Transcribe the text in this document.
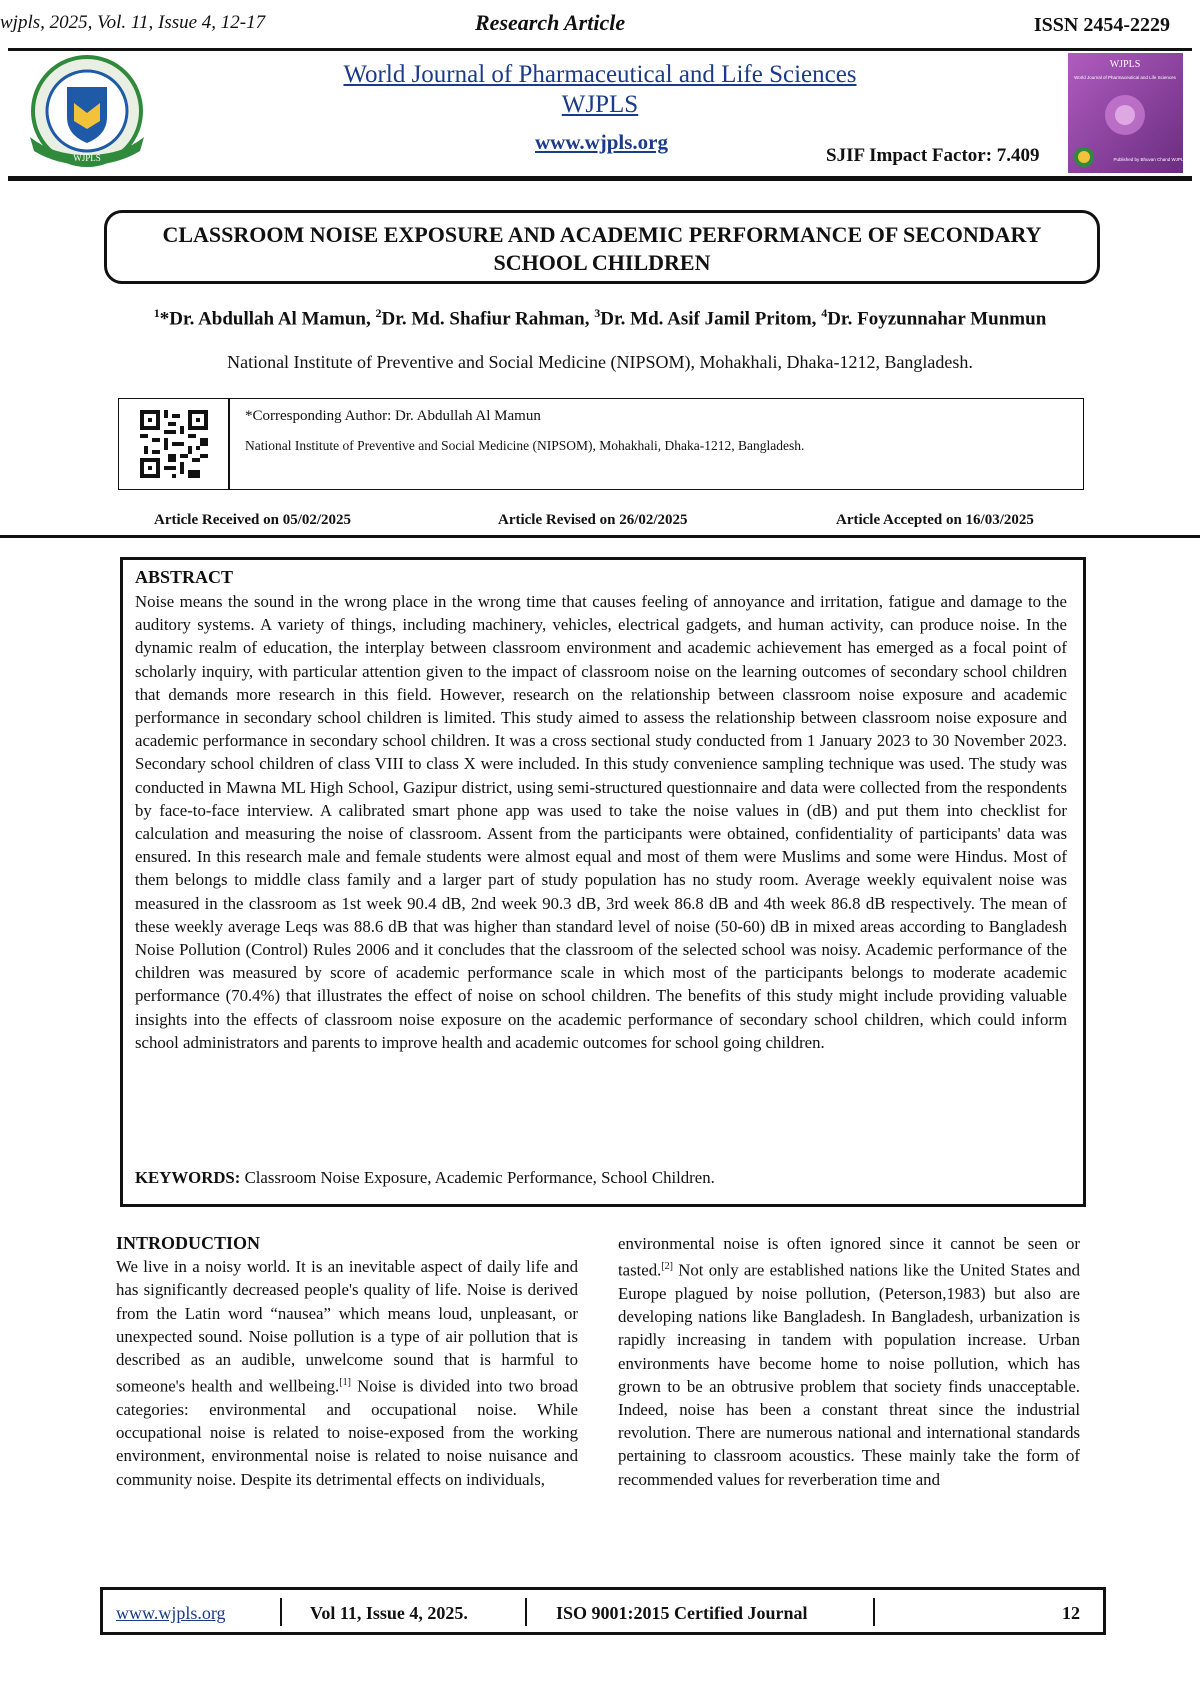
wjpls, 2025, Vol. 11, Issue 4, 12-17	Research Article	ISSN 2454-2229
WJPLS
World Journal of Pharmaceutical and Life Sciences
WJPLS
www.wjpls.org
SJIF Impact Factor: 7.409
WJPLS
World Journal of Pharmaceutical and Life Sciences
Published by Bhuvan Chand WJPLS
CLASSROOM NOISE EXPOSURE AND ACADEMIC PERFORMANCE OF SECONDARY
SCHOOL CHILDREN
$^1$*Dr. Abdullah Al Mamun, $^2$Dr. Md. Shafiur Rahman, $^3$Dr. Md. Asif Jamil Pritom, $^4$Dr. Foyzunnahar Munmun
National Institute of Preventive and Social Medicine (NIPSOM), Mohakhali, Dhaka-1212, Bangladesh.
*Corresponding Author: Dr. Abdullah Al Mamun
National Institute of Preventive and Social Medicine (NIPSOM), Mohakhali, Dhaka-1212, Bangladesh.
Article Received on 05/02/2025	Article Revised on 26/02/2025	Article Accepted on 16/03/2025
ABSTRACT
Noise means the sound in the wrong place in the wrong time that causes feeling of annoyance and irritation, fatigue and damage to the auditory systems. A variety of things, including machinery, vehicles, electrical gadgets, and human activity, can produce noise. In the dynamic realm of education, the interplay between classroom environment and academic achievement has emerged as a focal point of scholarly inquiry, with particular attention given to the impact of classroom noise on the learning outcomes of secondary school children that demands more research in this field. However, research on the relationship between classroom noise exposure and academic performance in secondary school children is limited. This study aimed to assess the relationship between classroom noise exposure and academic performance in secondary school children. It was a cross sectional study conducted from 1 January 2023 to 30 November 2023. Secondary school children of class VIII to class X were included. In this study convenience sampling technique was used. The study was conducted in Mawna ML High School, Gazipur district, using semi-structured questionnaire and data were collected from the respondents by face-to-face interview. A calibrated smart phone app was used to take the noise values in (dB) and put them into checklist for calculation and measuring the noise of classroom. Assent from the participants were obtained, confidentiality of participants' data was ensured. In this research male and female students were almost equal and most of them were Muslims and some were Hindus. Most of them belongs to middle class family and a larger part of study population has no study room. Average weekly equivalent noise was measured in the classroom as 1st week 90.4 dB, 2nd week 90.3 dB, 3rd week 86.8 dB and 4th week 86.8 dB respectively. The mean of these weekly average Leqs was 88.6 dB that was higher than standard level of noise (50-60) dB in mixed areas according to Bangladesh Noise Pollution (Control) Rules 2006 and it concludes that the classroom of the selected school was noisy. Academic performance of the children was measured by score of academic performance scale in which most of the participants belongs to moderate academic performance (70.4%) that illustrates the effect of noise on school children. The benefits of this study might include providing valuable insights into the effects of classroom noise exposure on the academic performance of secondary school children, which could inform school administrators and parents to improve health and academic outcomes for school going children.
KEYWORDS: Classroom Noise Exposure, Academic Performance, School Children.
INTRODUCTION
We live in a noisy world. It is an inevitable aspect of daily life and has significantly decreased people's quality of life. Noise is derived from the Latin word “nausea” which means loud, unpleasant, or unexpected sound. Noise pollution is a type of air pollution that is described as an audible, unwelcome sound that is harmful to someone's health and wellbeing.[1] Noise is divided into two broad categories: environmental and occupational noise. While occupational noise is related to noise-exposed from the working environment, environmental noise is related to noise nuisance and community noise. Despite its detrimental effects on individuals,
environmental noise is often ignored since it cannot be seen or tasted.[2] Not only are established nations like the United States and Europe plagued by noise pollution, (Peterson,1983) but also are developing nations like Bangladesh. In Bangladesh, urbanization is rapidly increasing in tandem with population increase. Urban environments have become home to noise pollution, which has grown to be an obtrusive problem that society finds unacceptable. Indeed, noise has been a constant threat since the industrial revolution. There are numerous national and international standards pertaining to classroom acoustics. These mainly take the form of recommended values for reverberation time and
www.wjpls.org	Vol 11, Issue 4, 2025.	ISO 9001:2015 Certified Journal	12
